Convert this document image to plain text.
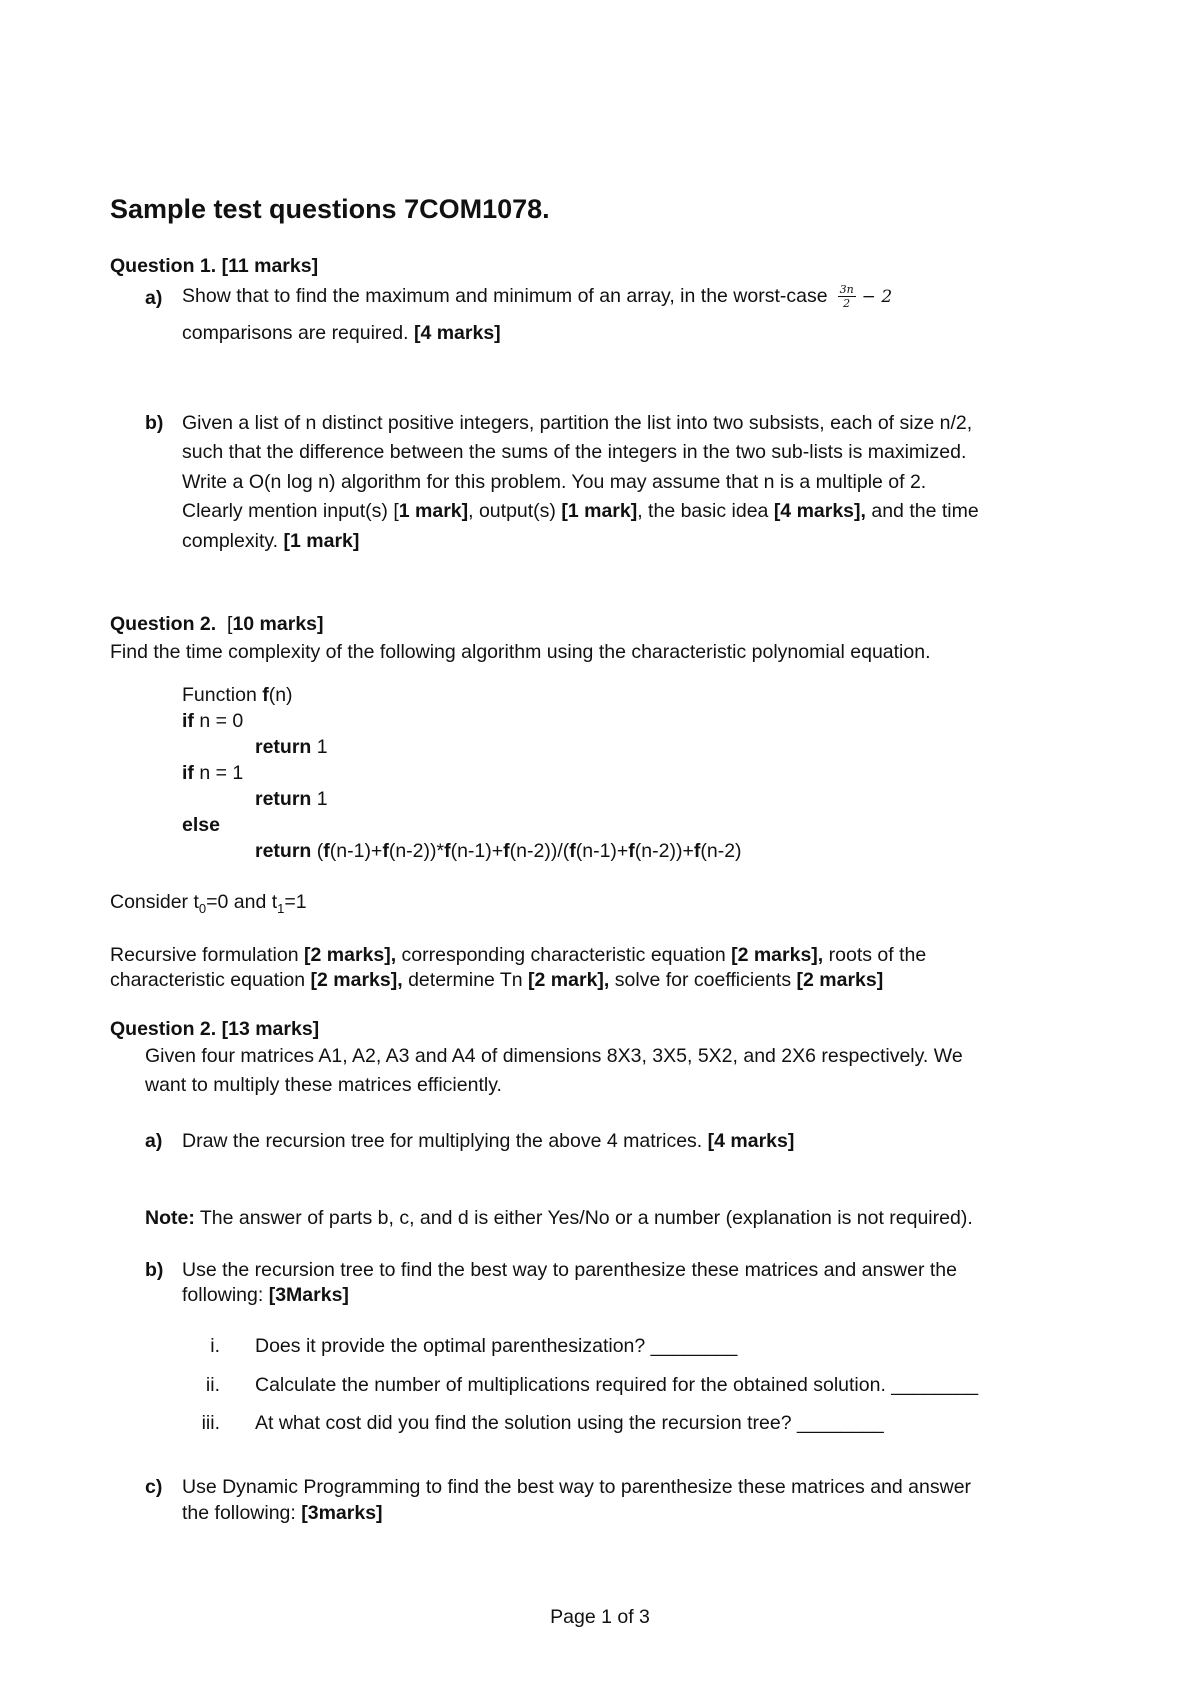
Sample test questions 7COM1078.
Question 1. [11 marks]
a) Show that to find the maximum and minimum of an array, in the worst-case $\frac{3n}{2} - 2$
comparisons are required. [4 marks]
b) Given a list of n distinct positive integers, partition the list into two subsists, each of size n/2,
such that the difference between the sums of the integers in the two sub-lists is maximized.
Write a O(n log n) algorithm for this problem. You may assume that n is a multiple of 2.
Clearly mention input(s) [1 mark], output(s) [1 mark], the basic idea [4 marks], and the time
complexity. [1 mark]
Question 2. [10 marks]
Find the time complexity of the following algorithm using the characteristic polynomial equation.
Function f(n)
if n = 0
return 1
if n = 1
return 1
else
return (f(n-1)+f(n-2))*f(n-1)+f(n-2))/(f(n-1)+f(n-2))+f(n-2)
Consider $t_0=0$ and $t_1=1$
Recursive formulation [2 marks], corresponding characteristic equation [2 marks], roots of the
characteristic equation [2 marks], determine Tn [2 mark], solve for coefficients [2 marks]
Question 2. [13 marks]
Given four matrices A1, A2, A3 and A4 of dimensions 8X3, 3X5, 5X2, and 2X6 respectively. We
want to multiply these matrices efficiently.
a) Draw the recursion tree for multiplying the above 4 matrices. [4 marks]
Note: The answer of parts b, c, and d is either Yes/No or a number (explanation is not required).
b) Use the recursion tree to find the best way to parenthesize these matrices and answer the
following: [3Marks]
i. Does it provide the optimal parenthesization? ________
ii. Calculate the number of multiplications required for the obtained solution. ________
iii. At what cost did you find the solution using the recursion tree? ________
c) Use Dynamic Programming to find the best way to parenthesize these matrices and answer
the following: [3marks]
Page 1 of 3
